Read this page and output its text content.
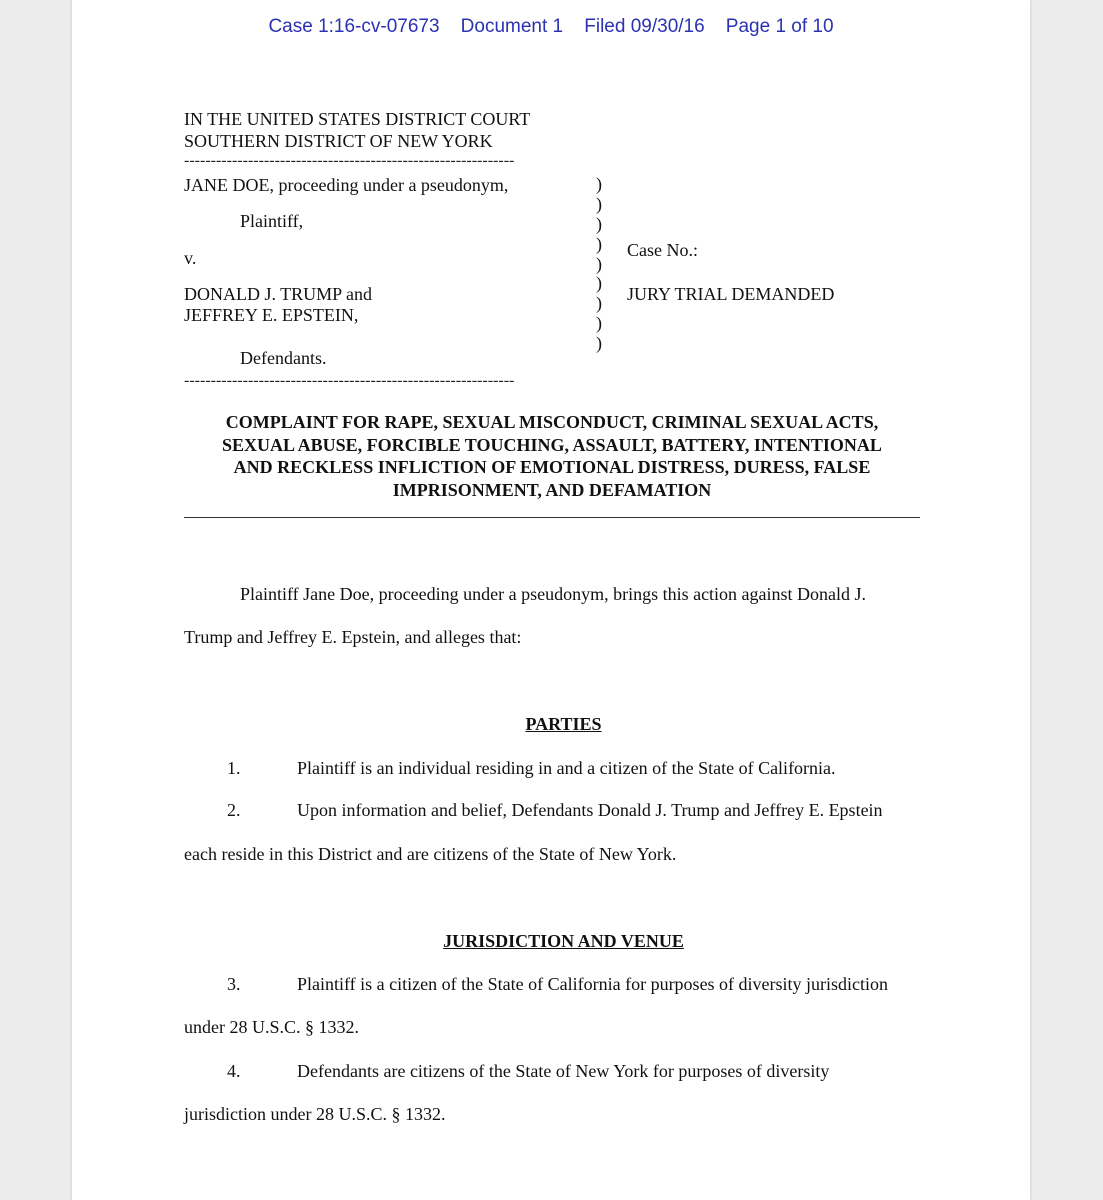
Case 1:16-cv-07673 Document 1 Filed 09/30/16 Page 1 of 10
IN THE UNITED STATES DISTRICT COURT
SOUTHERN DISTRICT OF NEW YORK
--------------------------------------------------------------
JANE DOE, proceeding under a pseudonym,
Plaintiff,
v.
DONALD J. TRUMP and
JEFFREY E. EPSTEIN,
Defendants.
--------------------------------------------------------------
)
)
)
)
)
)
)
)
)
Case No.:
JURY TRIAL DEMANDED
COMPLAINT FOR RAPE, SEXUAL MISCONDUCT, CRIMINAL SEXUAL ACTS,
SEXUAL ABUSE, FORCIBLE TOUCHING, ASSAULT, BATTERY, INTENTIONAL
AND RECKLESS INFLICTION OF EMOTIONAL DISTRESS, DURESS, FALSE
IMPRISONMENT, AND DEFAMATION
Plaintiff Jane Doe, proceeding under a pseudonym, brings this action against Donald J.
Trump and Jeffrey E. Epstein, and alleges that:
PARTIES
1.	Plaintiff is an individual residing in and a citizen of the State of California.
2.	Upon information and belief, Defendants Donald J. Trump and Jeffrey E. Epstein
each reside in this District and are citizens of the State of New York.
JURISDICTION AND VENUE
3.	Plaintiff is a citizen of the State of California for purposes of diversity jurisdiction
under 28 U.S.C. § 1332.
4.	Defendants are citizens of the State of New York for purposes of diversity
jurisdiction under 28 U.S.C. § 1332.
